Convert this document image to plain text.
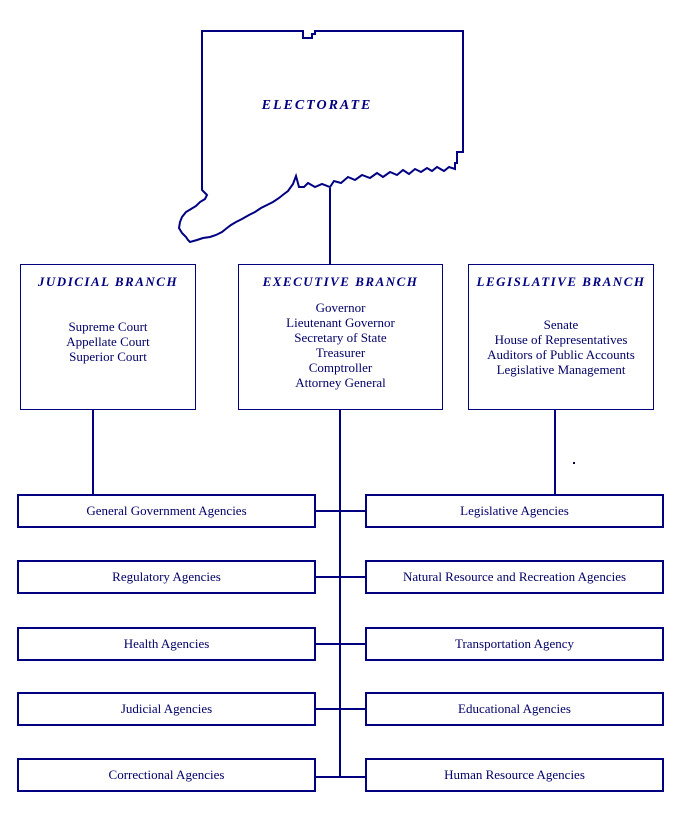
ELECTORATE
JUDICIAL BRANCH
Supreme Court
Appellate Court
Superior Court
EXECUTIVE BRANCH
Governor
Lieutenant Governor
Secretary of State
Treasurer
Comptroller
Attorney General
LEGISLATIVE BRANCH
Senate
House of Representatives
Auditors of Public Accounts
Legislative Management
General Government Agencies	Legislative Agencies
Regulatory Agencies	Natural Resource and Recreation Agencies
Health Agencies	Transportation Agency
Judicial Agencies	Educational Agencies
Correctional Agencies	Human Resource Agencies
